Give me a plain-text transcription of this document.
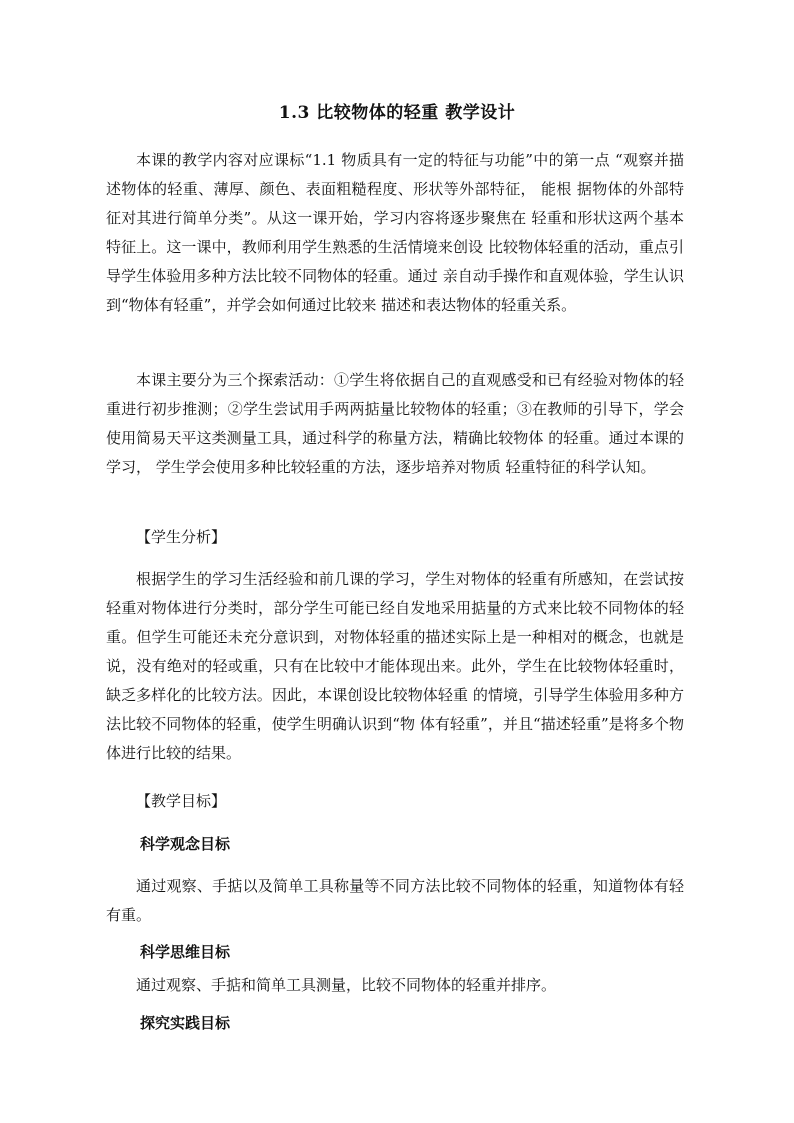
1.3 比较物体的轻重 教学设计

本课的教学内容对应课标“1.1 物质具有一定的特征与功能”中的第一点 “观察并描述物体的轻重、薄厚、颜色、表面粗糙程度、形状等外部特征， 能根 据物体的外部特征对其进行简单分类”。从这一课开始，学习内容将逐步聚焦在 轻重和形状这两个基本特征上。这一课中，教师利用学生熟悉的生活情境来创设 比较物体轻重的活动，重点引导学生体验用多种方法比较不同物体的轻重。通过 亲自动手操作和直观体验，学生认识到“物体有轻重”，并学会如何通过比较来 描述和表达物体的轻重关系。

本课主要分为三个探索活动：①学生将依据自己的直观感受和已有经验对物体的轻重进行初步推测；②学生尝试用手两两掂量比较物体的轻重；③在教师的引导下，学会使用简易天平这类测量工具，通过科学的称量方法，精确比较物体 的轻重。通过本课的学习， 学生学会使用多种比较轻重的方法，逐步培养对物质 轻重特征的科学认知。

【学生分析】

根据学生的学习生活经验和前几课的学习，学生对物体的轻重有所感知，在尝试按轻重对物体进行分类时，部分学生可能已经自发地采用掂量的方式来比较不同物体的轻重。但学生可能还未充分意识到，对物体轻重的描述实际上是一种相对的概念，也就是说，没有绝对的轻或重，只有在比较中才能体现出来。此外，学生在比较物体轻重时，缺乏多样化的比较方法。因此，本课创设比较物体轻重 的情境，引导学生体验用多种方法比较不同物体的轻重，使学生明确认识到“物 体有轻重”，并且“描述轻重”是将多个物体进行比较的结果。

【教学目标】
科学观念目标

通过观察、手掂以及简单工具称量等不同方法比较不同物体的轻重，知道物体有轻有重。

科学思维目标
通过观察、手掂和简单工具测量，比较不同物体的轻重并排序。
探究实践目标
